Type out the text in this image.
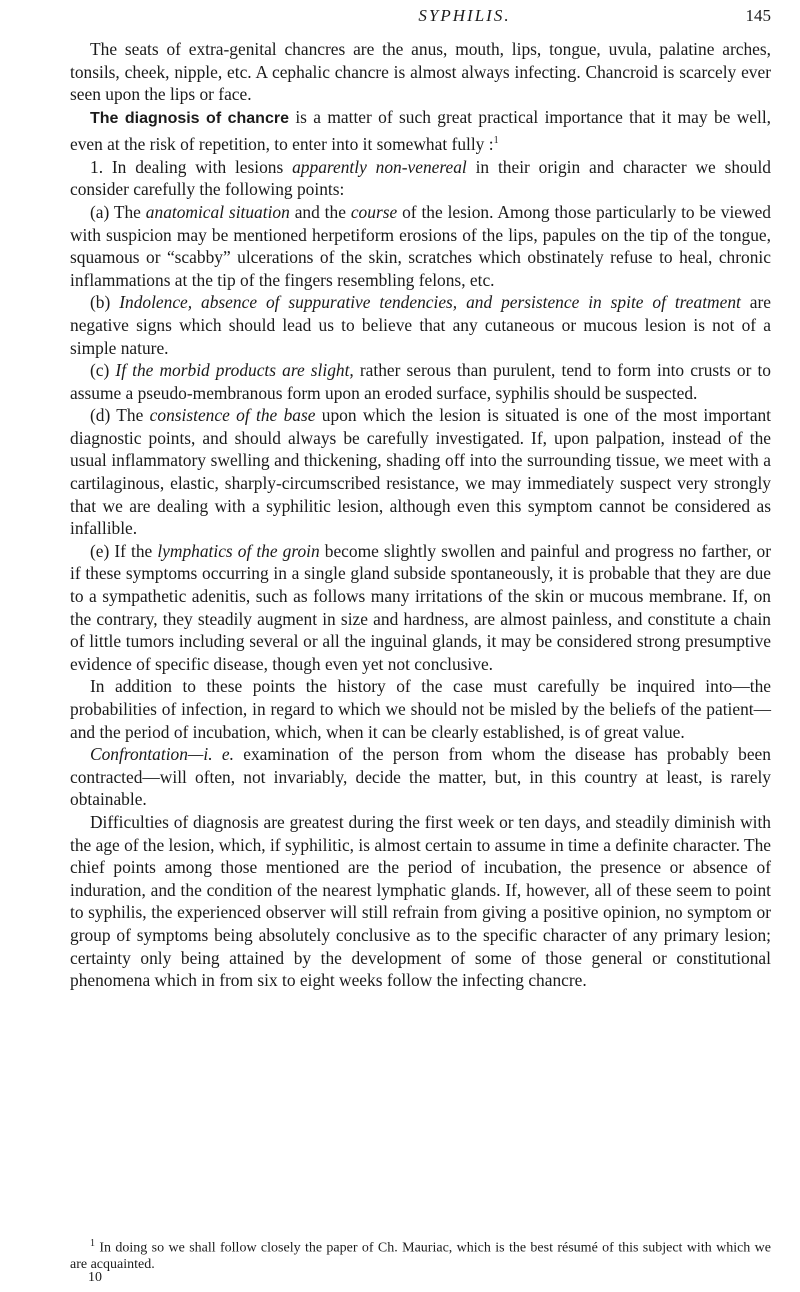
SYPHILIS.	145

The seats of extra-genital chancres are the anus, mouth, lips, tongue, uvula, palatine arches, tonsils, cheek, nipple, etc. A cephalic chancre is almost always infecting. Chancroid is scarcely ever seen upon the lips or face.

The diagnosis of chancre is a matter of such great practical importance that it may be well, even at the risk of repetition, to enter into it somewhat fully :$^1$

1. In dealing with lesions apparently non-venereal in their origin and character we should consider carefully the following points:

(a) The anatomical situation and the course of the lesion. Among those particularly to be viewed with suspicion may be mentioned herpetiform erosions of the lips, papules on the tip of the tongue, squamous or “scabby” ulcerations of the skin, scratches which obstinately refuse to heal, chronic inflammations at the tip of the fingers resembling felons, etc.

(b) Indolence, absence of suppurative tendencies, and persistence in spite of treatment are negative signs which should lead us to believe that any cutaneous or mucous lesion is not of a simple nature.

(c) If the morbid products are slight, rather serous than purulent, tend to form into crusts or to assume a pseudo-membranous form upon an eroded surface, syphilis should be suspected.

(d) The consistence of the base upon which the lesion is situated is one of the most important diagnostic points, and should always be carefully investigated. If, upon palpation, instead of the usual inflammatory swelling and thickening, shading off into the surrounding tissue, we meet with a cartilaginous, elastic, sharply-circumscribed resistance, we may immediately suspect very strongly that we are dealing with a syphilitic lesion, although even this symptom cannot be considered as infallible.

(e) If the lymphatics of the groin become slightly swollen and painful and progress no farther, or if these symptoms occurring in a single gland subside spontaneously, it is probable that they are due to a sympathetic adenitis, such as follows many irritations of the skin or mucous membrane. If, on the contrary, they steadily augment in size and hardness, are almost painless, and constitute a chain of little tumors including several or all the inguinal glands, it may be considered strong presumptive evidence of specific disease, though even yet not conclusive.

In addition to these points the history of the case must carefully be inquired into—the probabilities of infection, in regard to which we should not be misled by the beliefs of the patient—and the period of incubation, which, when it can be clearly established, is of great value.

Confrontation—i. e. examination of the person from whom the disease has probably been contracted—will often, not invariably, decide the matter, but, in this country at least, is rarely obtainable.

Difficulties of diagnosis are greatest during the first week or ten days, and steadily diminish with the age of the lesion, which, if syphilitic, is almost certain to assume in time a definite character. The chief points among those mentioned are the period of incubation, the presence or absence of induration, and the condition of the nearest lymphatic glands. If, however, all of these seem to point to syphilis, the experienced observer will still refrain from giving a positive opinion, no symptom or group of symptoms being absolutely conclusive as to the specific character of any primary lesion; certainty only being attained by the development of some of those general or constitutional phenomena which in from six to eight weeks follow the infecting chancre.

$^1$ In doing so we shall follow closely the paper of Ch. Mauriac, which is the best résumé of this subject with which we are acquainted.

10
